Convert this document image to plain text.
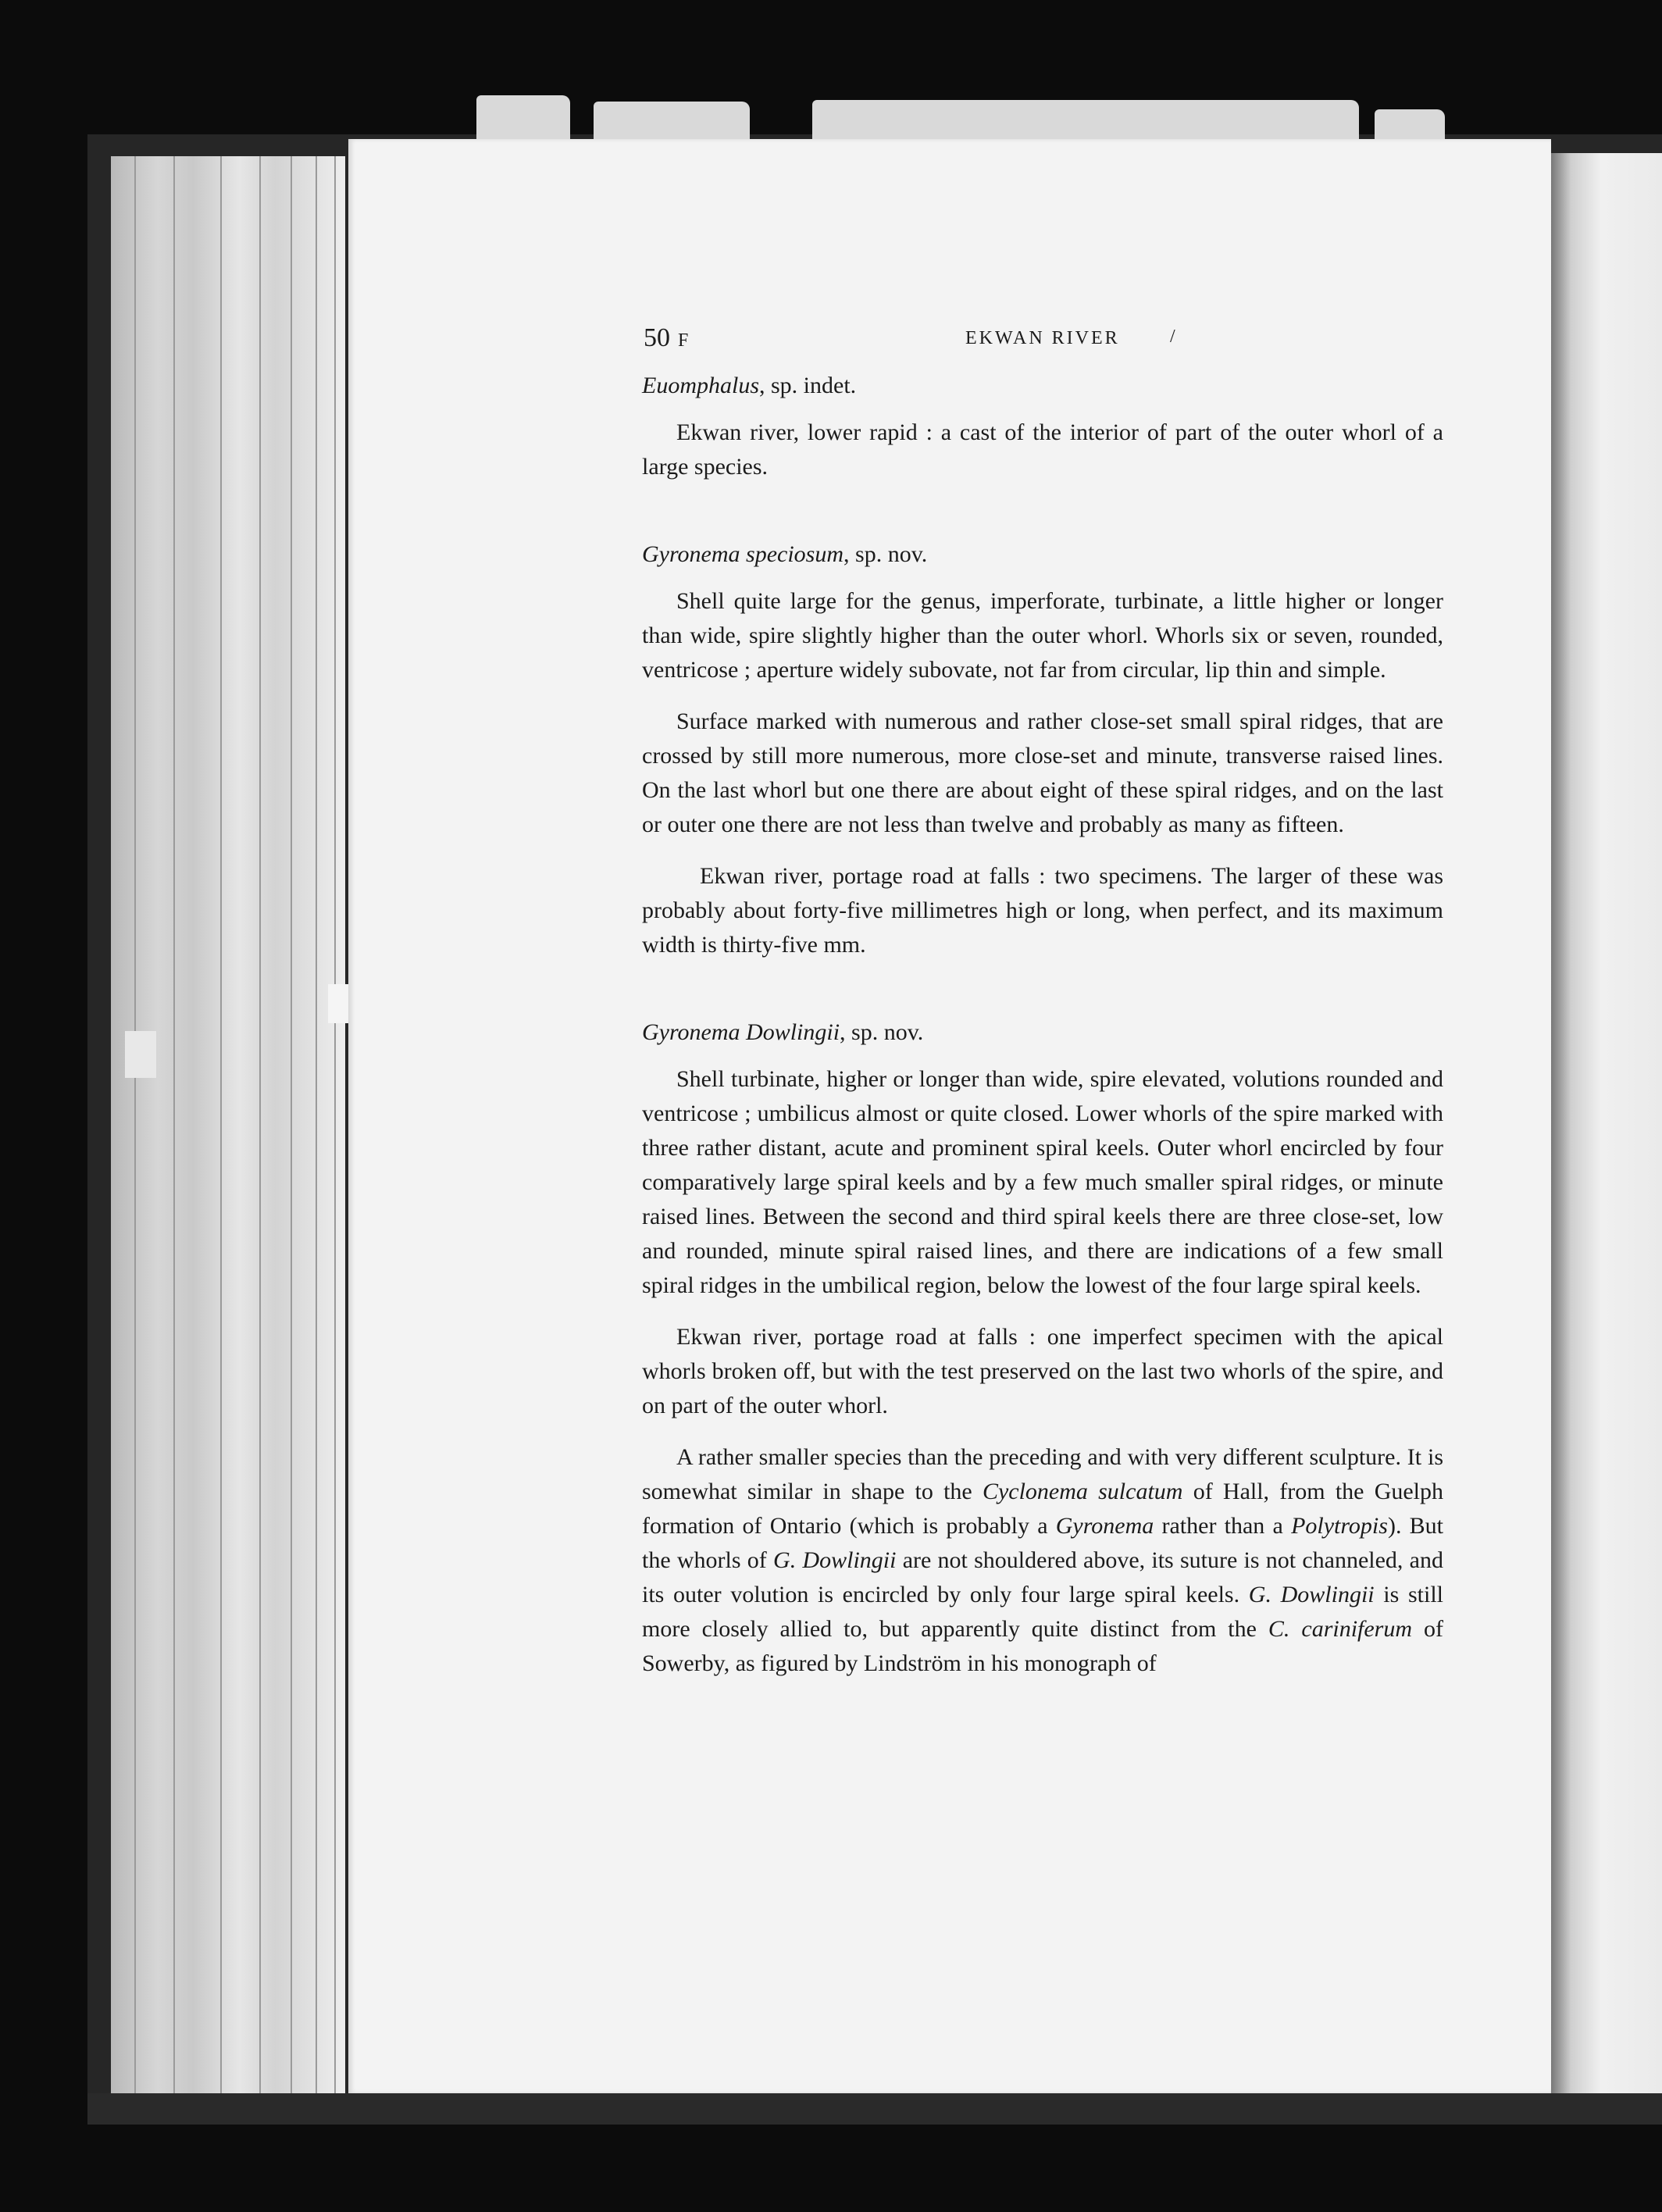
50 F	EKWAN RIVER	/
Euomphalus, sp. indet.

Ekwan river, lower rapid : a cast of the interior of part of the outer whorl of a large species.

Gyronema speciosum, sp. nov.

Shell quite large for the genus, imperforate, turbinate, a little higher or longer than wide, spire slightly higher than the outer whorl. Whorls six or seven, rounded, ventricose ; aperture widely subovate, not far from circular, lip thin and simple.

Surface marked with numerous and rather close-set small spiral ridges, that are crossed by still more numerous, more close-set and minute, transverse raised lines. On the last whorl but one there are about eight of these spiral ridges, and on the last or outer one there are not less than twelve and probably as many as fifteen.

Ekwan river, portage road at falls : two specimens. The larger of these was probably about forty-five millimetres high or long, when perfect, and its maximum width is thirty-five mm.

Gyronema Dowlingii, sp. nov.

Shell turbinate, higher or longer than wide, spire elevated, volutions rounded and ventricose ; umbilicus almost or quite closed. Lower whorls of the spire marked with three rather distant, acute and prominent spiral keels. Outer whorl encircled by four comparatively large spiral keels and by a few much smaller spiral ridges, or minute raised lines. Between the second and third spiral keels there are three close-set, low and rounded, minute spiral raised lines, and there are indications of a few small spiral ridges in the umbilical region, below the lowest of the four large spiral keels.

Ekwan river, portage road at falls : one imperfect specimen with the apical whorls broken off, but with the test preserved on the last two whorls of the spire, and on part of the outer whorl.

A rather smaller species than the preceding and with very different sculpture. It is somewhat similar in shape to the Cyclonema sulcatum of Hall, from the Guelph formation of Ontario (which is probably a Gyronema rather than a Polytropis). But the whorls of G. Dowlingii are not shouldered above, its suture is not channeled, and its outer volution is encircled by only four large spiral keels. G. Dowlingii is still more closely allied to, but apparently quite distinct from the C. cariniferum of Sowerby, as figured by Lindström in his monograph of
